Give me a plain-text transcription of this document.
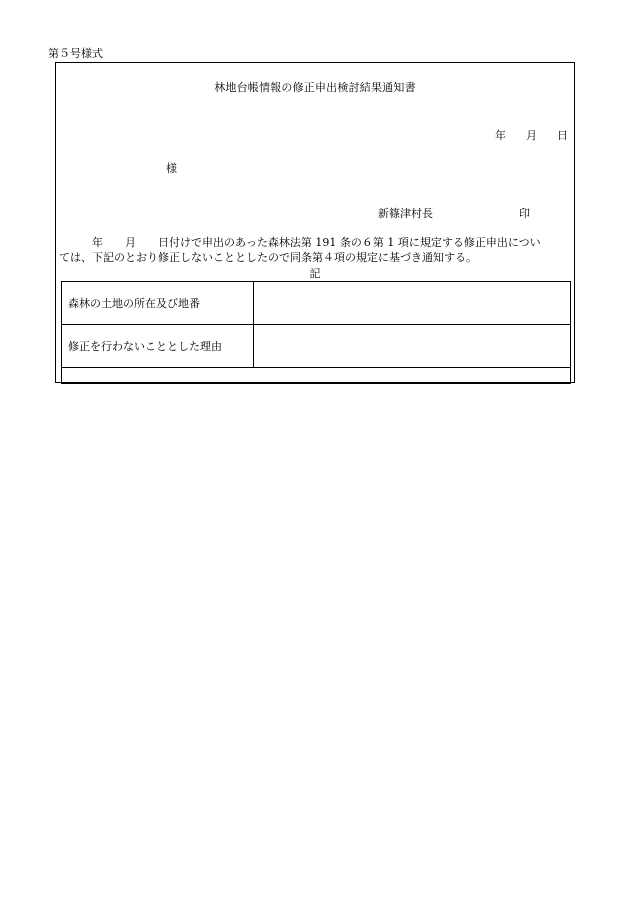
第５号様式
林地台帳情報の修正申出検討結果通知書
年 月 日
様
新篠津村長	印
年 月 日付けで申出のあった森林法第 191 条の６第 1 項に規定する修正申出につい
ては、下記のとおり修正しないこととしたので同条第４項の規定に基づき通知する。
記
森林の土地の所在及び地番	
修正を行わないこととした理由	
